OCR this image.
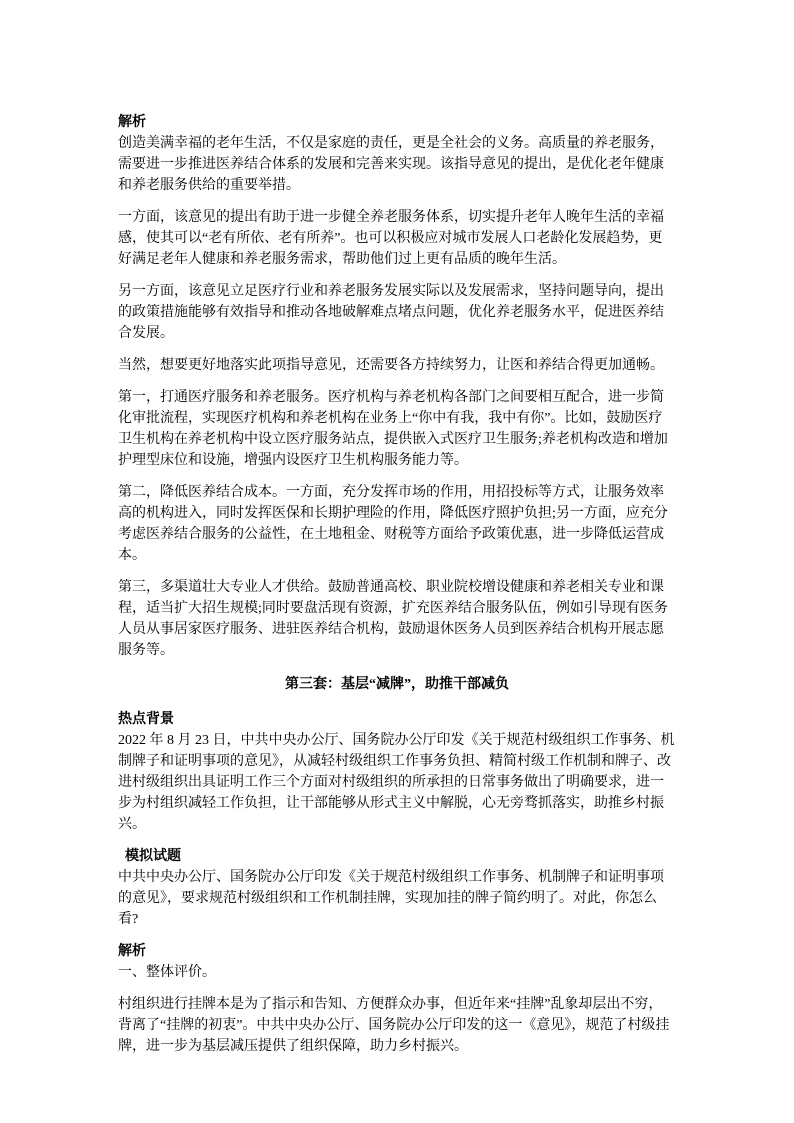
解析

创造美满幸福的老年生活，不仅是家庭的责任，更是全社会的义务。高质量的养老服务，需要进一步推进医养结合体系的发展和完善来实现。该指导意见的提出，是优化老年健康和养老服务供给的重要举措。

一方面，该意见的提出有助于进一步健全养老服务体系，切实提升老年人晚年生活的幸福感，使其可以“老有所依、老有所养”。也可以积极应对城市发展人口老龄化发展趋势，更好满足老年人健康和养老服务需求，帮助他们过上更有品质的晚年生活。

另一方面，该意见立足医疗行业和养老服务发展实际以及发展需求，坚持问题导向，提出的政策措施能够有效指导和推动各地破解难点堵点问题，优化养老服务水平，促进医养结合发展。

当然，想要更好地落实此项指导意见，还需要各方持续努力，让医和养结合得更加通畅。

第一，打通医疗服务和养老服务。医疗机构与养老机构各部门之间要相互配合，进一步简化审批流程，实现医疗机构和养老机构在业务上“你中有我，我中有你”。比如，鼓励医疗卫生机构在养老机构中设立医疗服务站点，提供嵌入式医疗卫生服务;养老机构改造和增加护理型床位和设施，增强内设医疗卫生机构服务能力等。

第二，降低医养结合成本。一方面，充分发挥市场的作用，用招投标等方式，让服务效率高的机构进入，同时发挥医保和长期护理险的作用，降低医疗照护负担;另一方面，应充分考虑医养结合服务的公益性，在土地租金、财税等方面给予政策优惠，进一步降低运营成本。

第三，多渠道壮大专业人才供给。鼓励普通高校、职业院校增设健康和养老相关专业和课程，适当扩大招生规模;同时要盘活现有资源，扩充医养结合服务队伍，例如引导现有医务人员从事居家医疗服务、进驻医养结合机构，鼓励退休医务人员到医养结合机构开展志愿服务等。

第三套：基层“减牌”，助推干部减负
热点背景

2022 年 8 月 23 日，中共中央办公厅、国务院办公厅印发《关于规范村级组织工作事务、机制牌子和证明事项的意见》，从减轻村级组织工作事务负担、精简村级工作机制和牌子、改进村级组织出具证明工作三个方面对村级组织的所承担的日常事务做出了明确要求，进一步为村组织减轻工作负担，让干部能够从形式主义中解脱，心无旁骛抓落实，助推乡村振兴。

模拟试题

中共中央办公厅、国务院办公厅印发《关于规范村级组织工作事务、机制牌子和证明事项的意见》，要求规范村级组织和工作机制挂牌，实现加挂的牌子简约明了。对此，你怎么看?

解析

一、整体评价。

村组织进行挂牌本是为了指示和告知、方便群众办事，但近年来“挂牌”乱象却层出不穷，背离了“挂牌的初衷”。中共中央办公厅、国务院办公厅印发的这一《意见》，规范了村级挂牌，进一步为基层减压提供了组织保障，助力乡村振兴。
